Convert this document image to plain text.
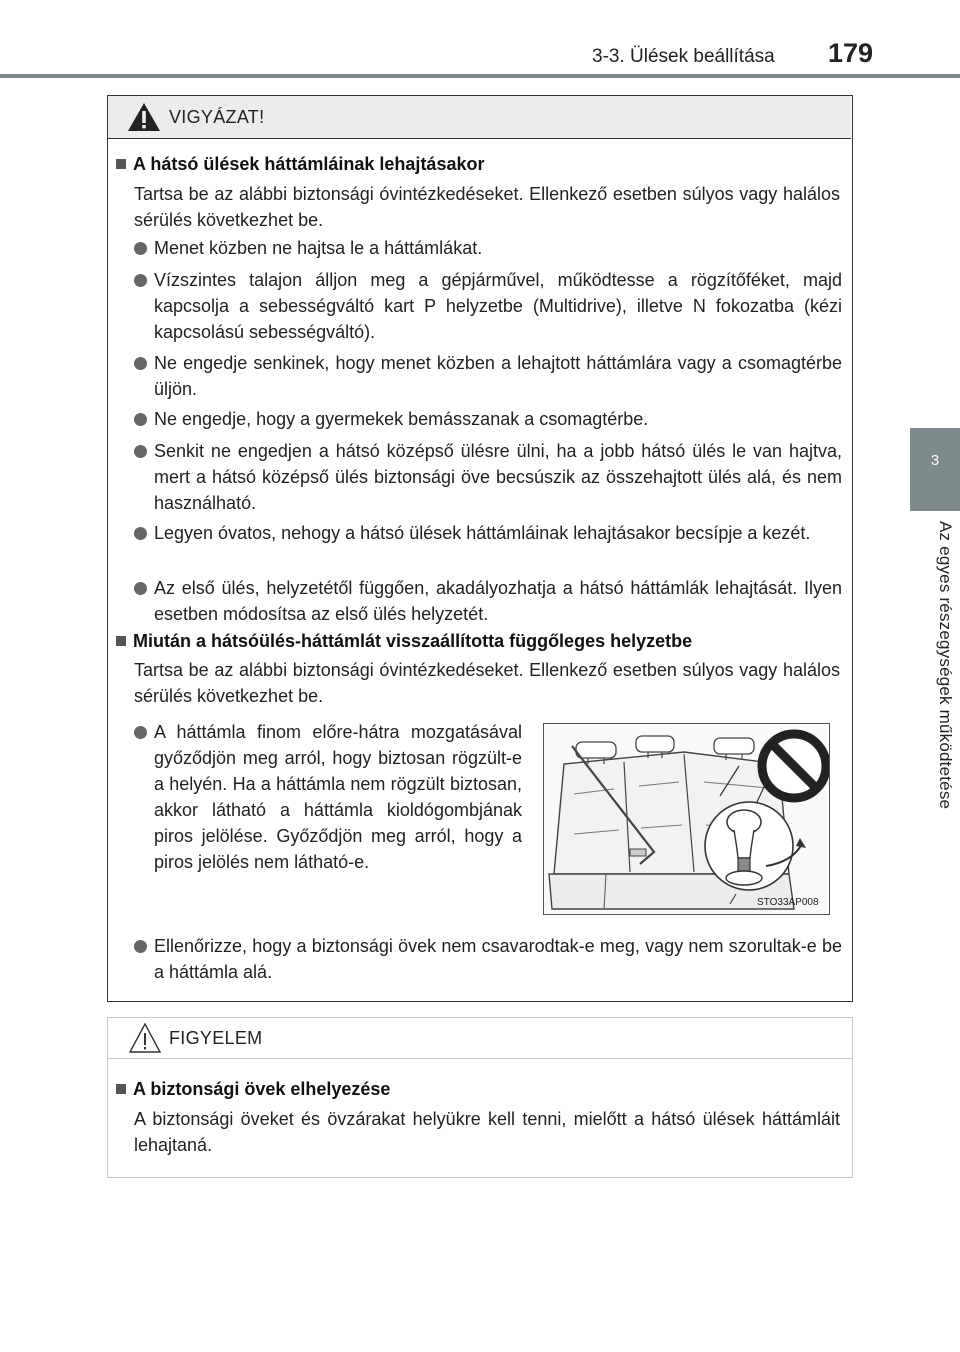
3-3. Ülések beállítása 179
3
Az egyes részegységek működtetése
VIGYÁZAT!
A hátsó ülések háttámláinak lehajtásakor
Tartsa be az alábbi biztonsági óvintézkedéseket. Ellenkező esetben súlyos vagy halálos sérülés következhet be.
Menet közben ne hajtsa le a háttámlákat.
Vízszintes talajon álljon meg a gépjárművel, működtesse a rögzítőféket, majd kapcsolja a sebességváltó kart P helyzetbe (Multidrive), illetve N fokozatba (kézi kapcsolású sebességváltó).
Ne engedje senkinek, hogy menet közben a lehajtott háttámlára vagy a csomagtérbe üljön.
Ne engedje, hogy a gyermekek bemásszanak a csomagtérbe.
Senkit ne engedjen a hátsó középső ülésre ülni, ha a jobb hátsó ülés le van hajtva, mert a hátsó középső ülés biztonsági öve becsúszik az összehajtott ülés alá, és nem használható.
Legyen óvatos, nehogy a hátsó ülések háttámláinak lehajtásakor becsípje a kezét.
Az első ülés, helyzetétől függően, akadályozhatja a hátsó háttámlák lehajtását. Ilyen esetben módosítsa az első ülés helyzetét.
Miután a hátsóülés-háttámlát visszaállította függőleges helyzetbe
Tartsa be az alábbi biztonsági óvintézkedéseket. Ellenkező esetben súlyos vagy halálos sérülés következhet be.
A háttámla finom előre-hátra mozgatásával győződjön meg arról, hogy biztosan rögzült-e a helyén. Ha a háttámla nem rögzült biztosan, akkor látható a háttámla kioldógombjának piros jelölése. Győződjön meg arról, hogy a piros jelölés nem látható-e.
Ellenőrizze, hogy a biztonsági övek nem csavarodtak-e meg, vagy nem szorultak-e be a háttámla alá.
STO33AP008
FIGYELEM
A biztonsági övek elhelyezése
A biztonsági öveket és övzárakat helyükre kell tenni, mielőtt a hátsó ülések háttámláit lehajtaná.
